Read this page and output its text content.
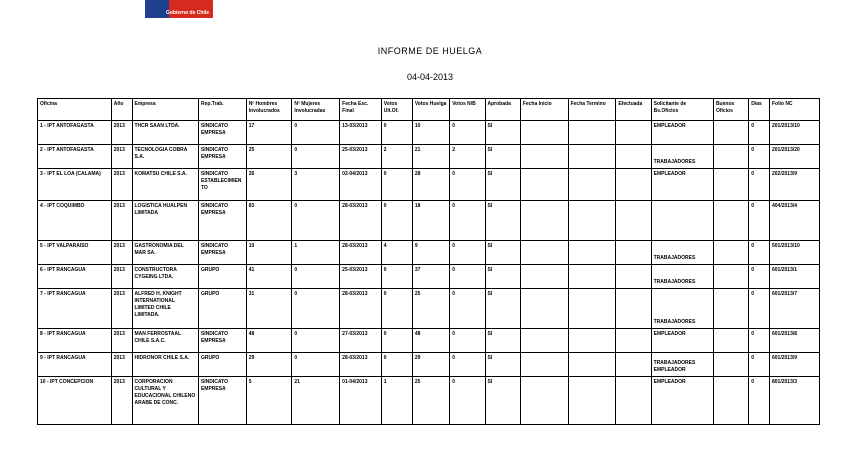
Gobierno de Chile
INFORME DE HUELGA
04-04-2013
Oficina	Año	Empresa	Rep.Trab.	Nº Hombres Involucrados	Nº Mujeres Involucradas	Fecha Esc. Final	Votos Ult.Of.	Votos Huelga	Votos N/B	Aprobada	Fecha Inicio	Fecha Termino	Efectuada	Solicitante de Bs.Oficios	Buenos Oficios	Días	Folio NC
1 - IPT ANTOFAGASTA	2013	THCR SAAN LTDA.	SINDICATO EMPRESA	17	0	13-03/2013	0	10	0	SI				EMPLEADOR		0	201/2013/10
2 - IPT ANTOFAGASTA	2013	TECNOLOGIA COBRA S.A.	SINDICATO EMPRESA	25	0	25-03/2013	2	21	2	SI				TRABAJADORES		0	201/2013/20
3 - IPT EL LOA (CALAMA)	2013	KOMATSU CHILE S.A.	SINDICATO ESTABLECIMIENTO	26	3	02-04/2013	0	28	0	SI				EMPLEADOR		0	202/2013/9
4 - IPT COQUIMBO	2013	LOGISTICA HUALPEN LIMITADA	SINDICATO EMPRESA	83	0	28-03/2013	0	18	0	SI						0	404/2013/4
5 - IPT VALPARAISO	2013	GASTRONOMIA DEL MAR SA.	SINDICATO EMPRESA	10	1	28-03/2013	4	9	0	SI				TRABAJADORES		0	501/2013/10
6 - IPT RANCAGUA	2013	CONSTRUCTORA CYGEING LTDA.	GRUPO	41	0	25-03/2013	0	37	0	SI				TRABAJADORES		0	601/2013/1
7 - IPT RANCAGUA	2013	ALFRED H. KNIGHT INTERNATIONAL LIMITED CHILE LIMITADA.	GRUPO	31	0	28-03/2013	0	25	0	SI				TRABAJADORES		0	601/2013/7
8 - IPT RANCAGUA	2013	MAN FERROSTAAL CHILE S.A.C.	SINDICATO EMPRESA	48	0	27-03/2013	0	48	0	SI				EMPLEADOR		0	601/2013/8
9 - IPT RANCAGUA	2013	HIDRONOR CHILE S.A.	GRUPO	29	0	28-03/2013	0	29	0	SI				TRABAJADORES EMPLEADOR		0	601/2013/9
10 - IPT CONCEPCION	2013	CORPORACION CULTURAL Y EDUCACIONAL CHILENO ARABE DE CONC.	SINDICATO EMPRESA	5	21	01-04/2013	1	25	0	SI				EMPLEADOR		0	801/2013/3
